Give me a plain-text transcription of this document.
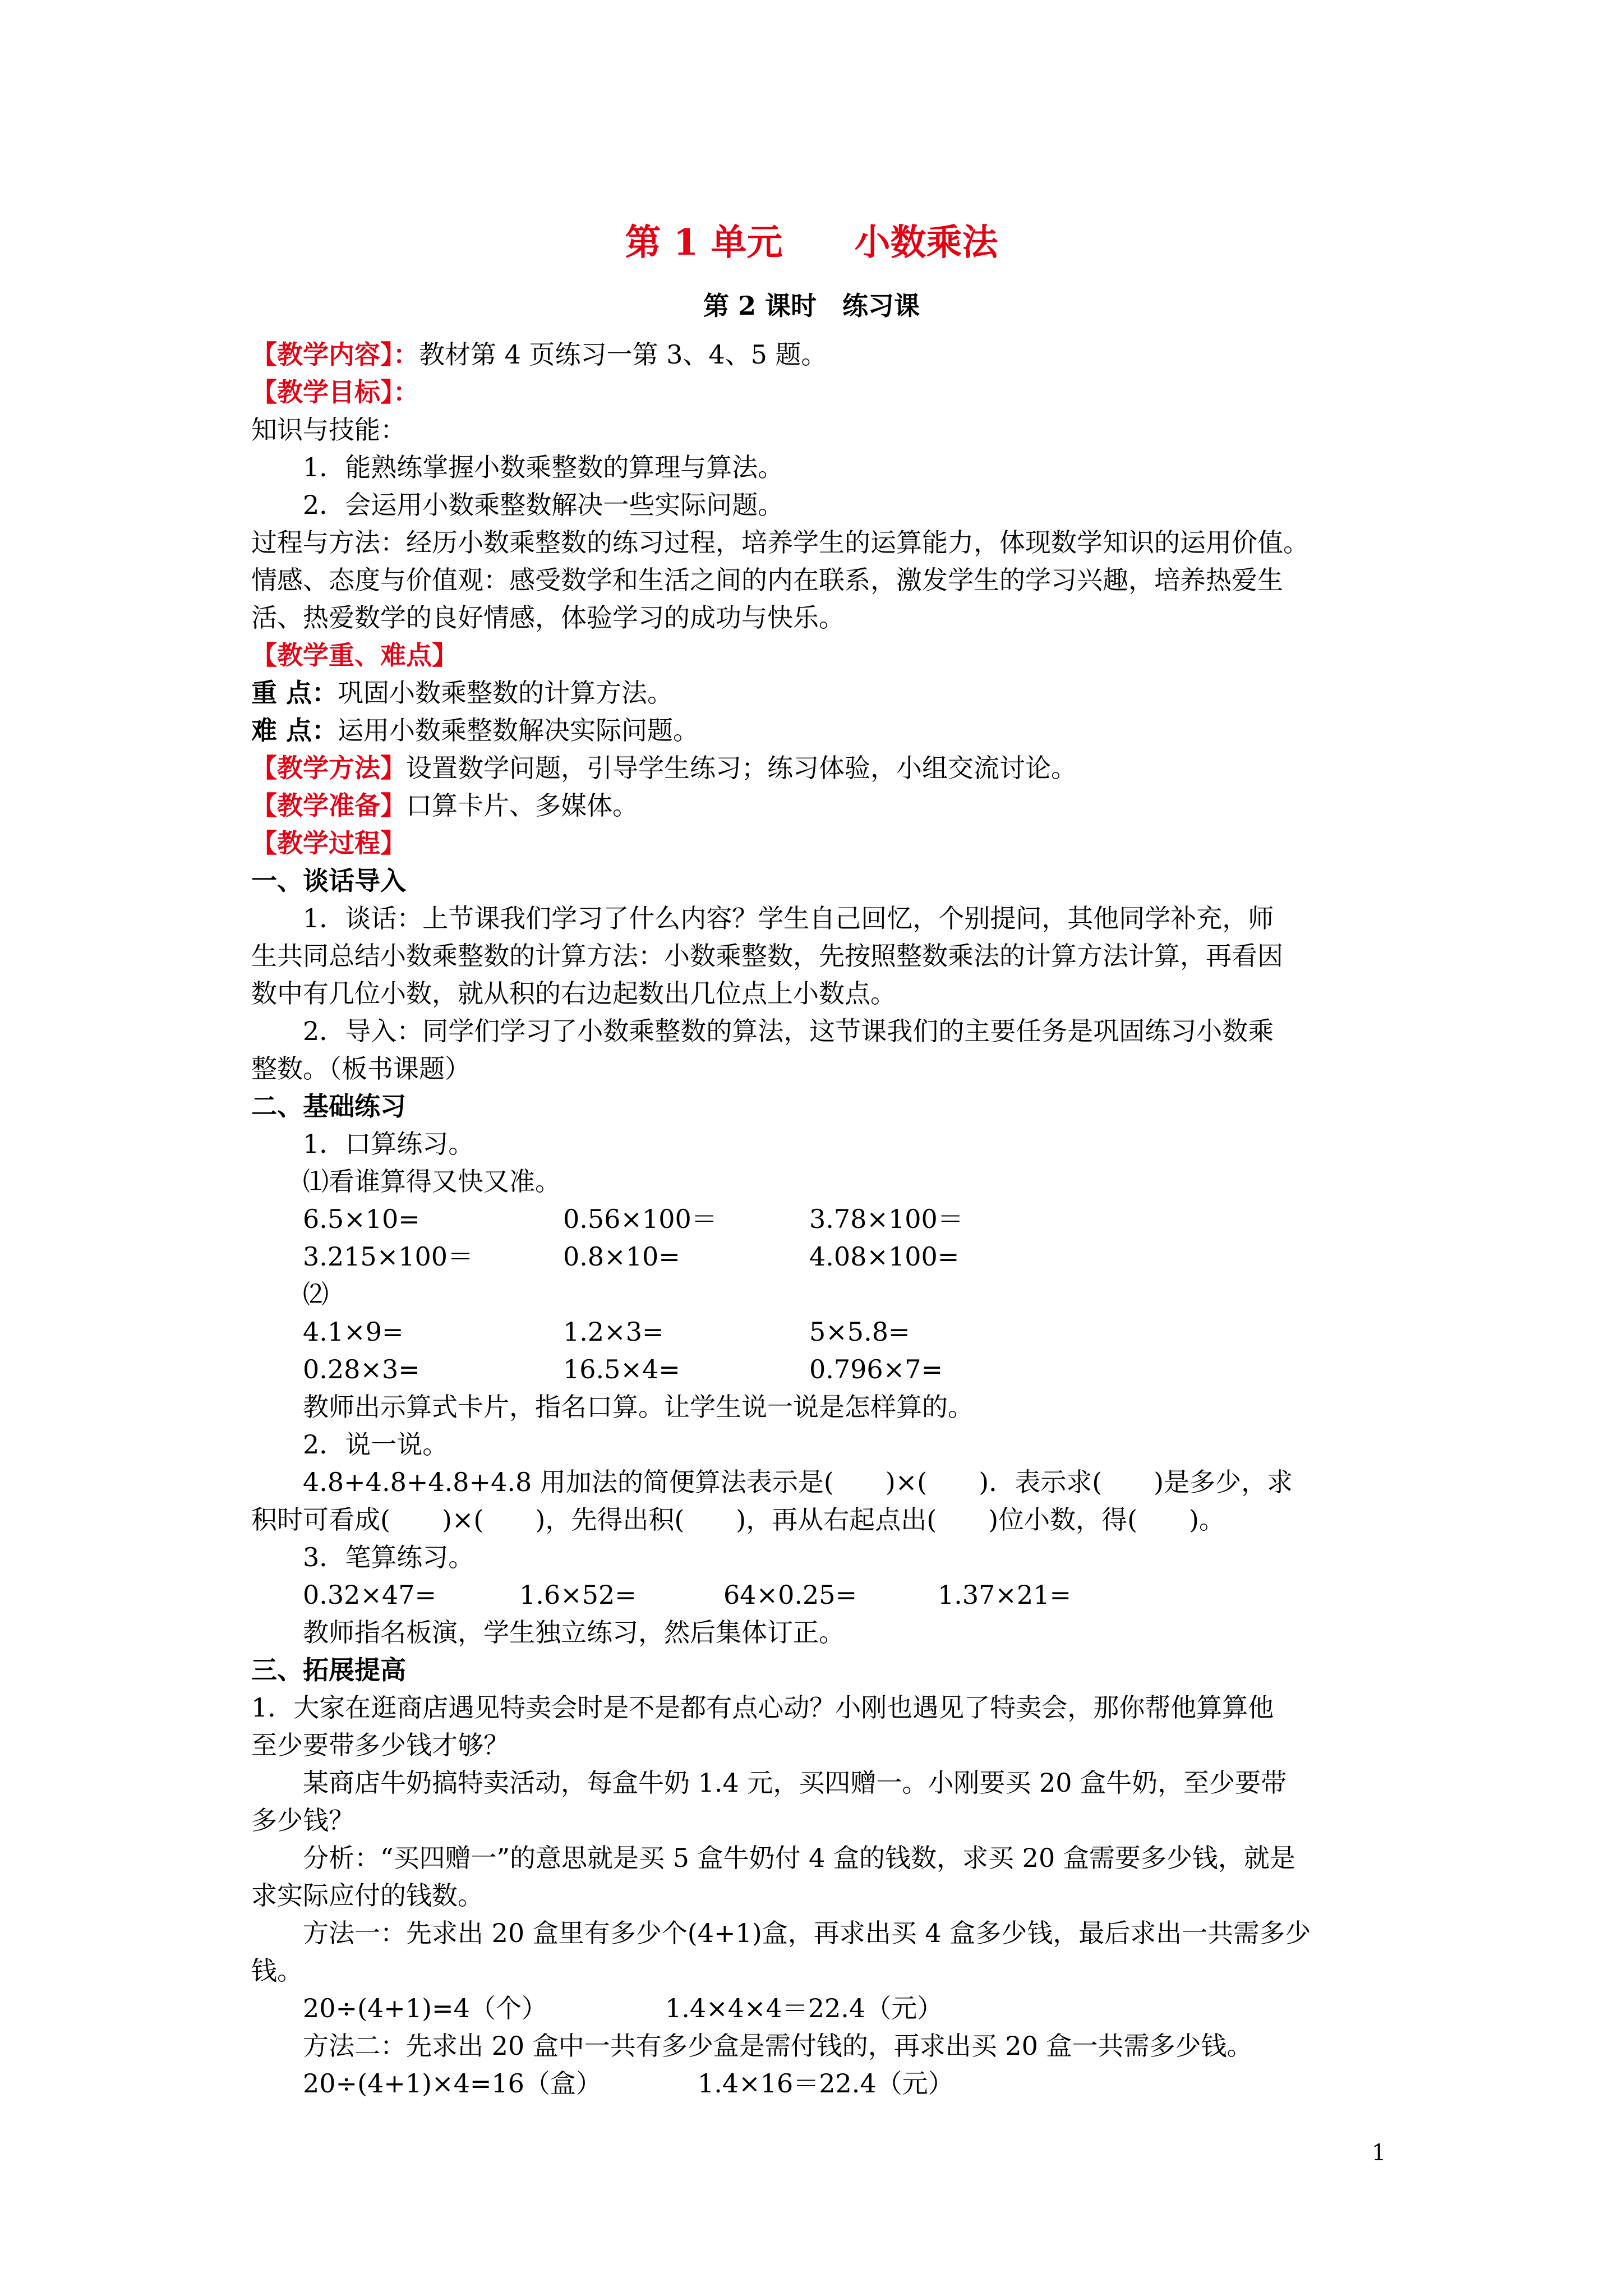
第 1 单元　　小数乘法
第 2 课时　练习课

【教学内容】：教材第 4 页练习一第 3、4、5 题。

【教学目标】：

知识与技能：

1．能熟练掌握小数乘整数的算理与算法。

2．会运用小数乘整数解决一些实际问题。

过程与方法：经历小数乘整数的练习过程，培养学生的运算能力，体现数学知识的运用价值。

情感、态度与价值观：感受数学和生活之间的内在联系，激发学生的学习兴趣，培养热爱生

活、热爱数学的良好情感，体验学习的成功与快乐。

【教学重、难点】

重 点：巩固小数乘整数的计算方法。

难 点：运用小数乘整数解决实际问题。

【教学方法】设置数学问题，引导学生练习；练习体验，小组交流讨论。

【教学准备】口算卡片、多媒体。

【教学过程】

一、谈话导入

1．谈话：上节课我们学习了什么内容？学生自己回忆，个别提问，其他同学补充，师

生共同总结小数乘整数的计算方法：小数乘整数，先按照整数乘法的计算方法计算，再看因

数中有几位小数，就从积的右边起数出几位点上小数点。

2．导入：同学们学习了小数乘整数的算法，这节课我们的主要任务是巩固练习小数乘

整数。（板书课题）

二、基础练习

1．口算练习。

⑴看谁算得又快又准。

6.5×10=	0.56×100＝	3.78×100＝
3.215×100＝	0.8×10=	4.08×100=

⑵

4.1×9=	1.2×3=	5×5.8=
0.28×3=	16.5×4=	0.796×7=

教师出示算式卡片，指名口算。让学生说一说是怎样算的。

2．说一说。

4.8+4.8+4.8+4.8 用加法的简便算法表示是(　　)×(　　)．表示求(　　)是多少，求

积时可看成(　　)×(　　)，先得出积(　　)，再从右起点出(　　)位小数，得(　　)。

3．笔算练习。

0.32×47=	1.6×52=	64×0.25=	1.37×21=

教师指名板演，学生独立练习，然后集体订正。

三、拓展提高

1．大家在逛商店遇见特卖会时是不是都有点心动？小刚也遇见了特卖会，那你帮他算算他

至少要带多少钱才够？

某商店牛奶搞特卖活动，每盒牛奶 1.4 元，买四赠一。小刚要买 20 盒牛奶，至少要带

多少钱？

分析：“买四赠一”的意思就是买 5 盒牛奶付 4 盒的钱数，求买 20 盒需要多少钱，就是

求实际应付的钱数。

方法一：先求出 20 盒里有多少个(4+1)盒，再求出买 4 盒多少钱，最后求出一共需多少

钱。

20÷(4+1)=4（个）	1.4×4×4＝22.4（元）

方法二：先求出 20 盒中一共有多少盒是需付钱的，再求出买 20 盒一共需多少钱。

20÷(4+1)×4=16（盒）	1.4×16＝22.4（元）
1
